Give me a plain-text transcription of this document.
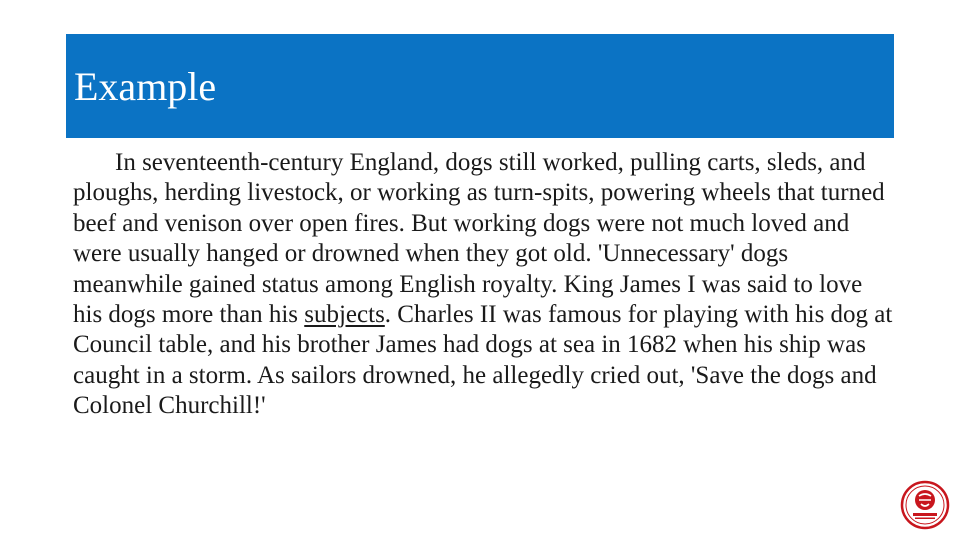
Example

In seventeenth-century England, dogs still worked, pulling carts, sleds, and ploughs, herding livestock, or working as turn-spits, powering wheels that turned beef and venison over open fires. But working dogs were not much loved and were usually hanged or drowned when they got old. 'Unnecessary' dogs meanwhile gained status among English royalty. King James I was said to love his dogs more than his subjects. Charles II was famous for playing with his dog at Council table, and his brother James had dogs at sea in 1682 when his ship was caught in a storm. As sailors drowned, he allegedly cried out, 'Save the dogs and Colonel Churchill!'
